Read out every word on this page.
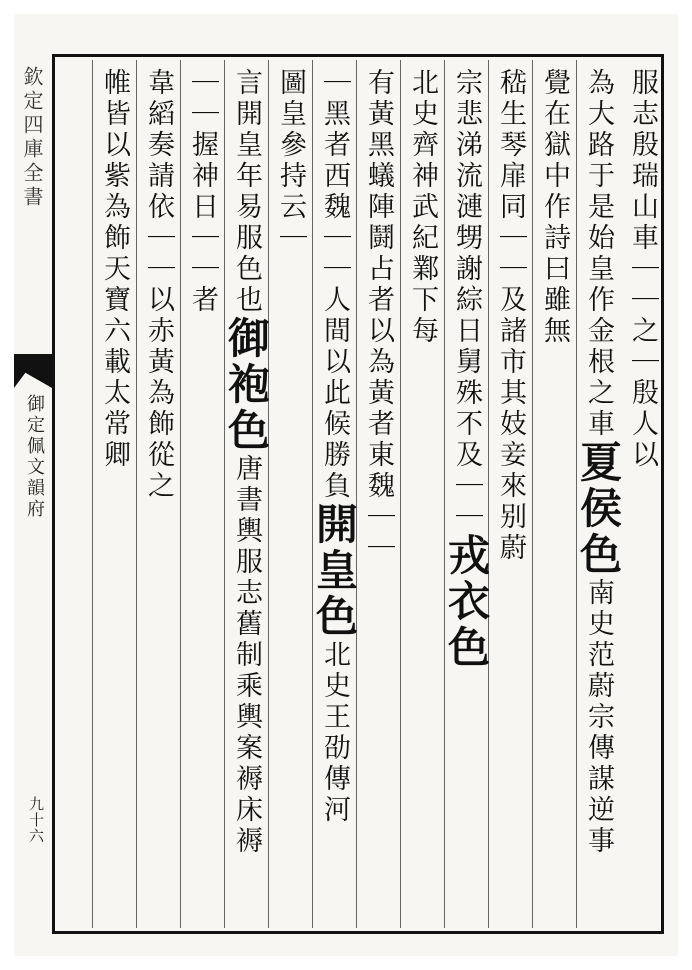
欽定四庫全書
御定佩文韻府
九十六
服志殷瑞山車｜｜之｜殷人以
為大路于是始皇作金根之車夏侯色南史范蔚宗傳謀逆事
覺在獄中作詩曰雖無
嵇生琴扉同｜｜及諸市其妓妾來别蔚
宗悲涕流漣甥謝綜日舅殊不及｜｜戎衣色
北史齊神武紀鄴下每
有黃黑蟻陣鬪占者以為黃者東魏｜｜
｜黑者西魏｜｜人間以此候勝負開皇色北史王劭傳河
圖皇參持云｜
言開皇年易服色也御袍色唐書輿服志舊制乘輿案褥床褥
｜｜握神日｜｜者
韋縚奏請依｜｜以赤黃為飾從之
帷皆以紫為飾天寶六載太常卿
